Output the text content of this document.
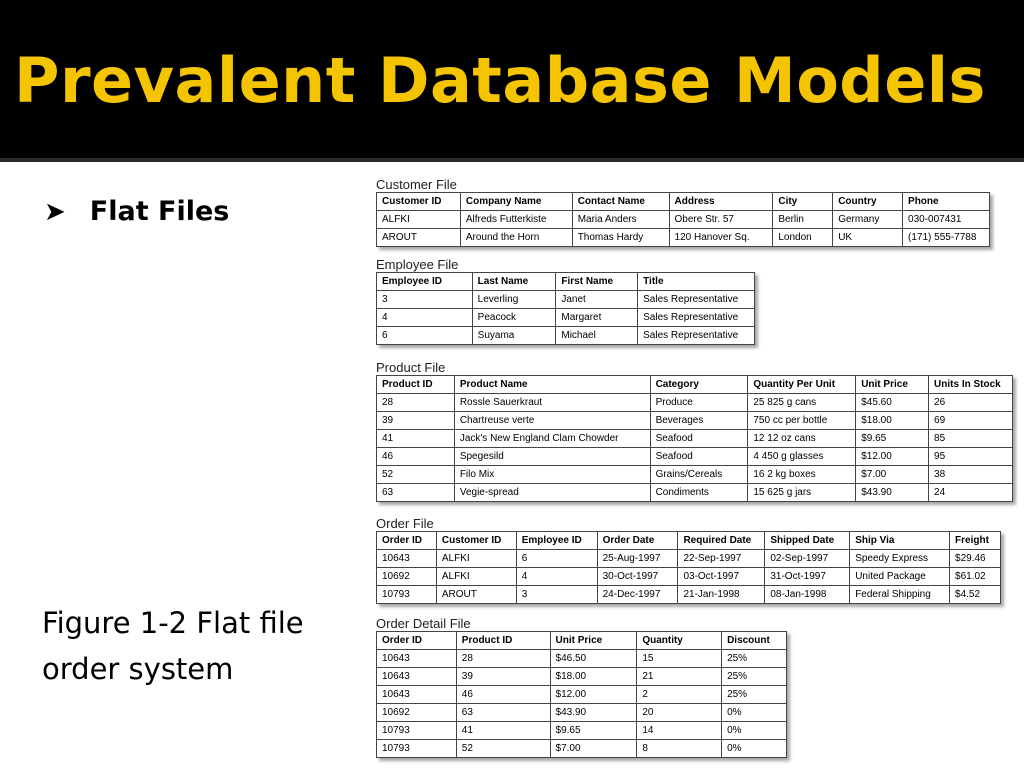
Prevalent Database Models
➤ Flat Files
Figure 1-2 Flat file
order system
Customer File
Customer ID	Company Name	Contact Name	Address	City	Country	Phone
ALFKI	Alfreds Futterkiste	Maria Anders	Obere Str. 57	Berlin	Germany	030-007431
AROUT	Around the Horn	Thomas Hardy	120 Hanover Sq.	London	UK	(171) 555-7788
Employee File
Employee ID	Last Name	First Name	Title
3	Leverling	Janet	Sales Representative
4	Peacock	Margaret	Sales Representative
6	Suyama	Michael	Sales Representative
Product File
Product ID	Product Name	Category	Quantity Per Unit	Unit Price	Units In Stock
28	Rossle Sauerkraut	Produce	25 825 g cans	$45.60	26
39	Chartreuse verte	Beverages	750 cc per bottle	$18.00	69
41	Jack's New England Clam Chowder	Seafood	12 12 oz cans	$9.65	85
46	Spegesild	Seafood	4 450 g glasses	$12.00	95
52	Filo Mix	Grains/Cereals	16 2 kg boxes	$7.00	38
63	Vegie-spread	Condiments	15 625 g jars	$43.90	24
Order File
Order ID	Customer ID	Employee ID	Order Date	Required Date	Shipped Date	Ship Via	Freight
10643	ALFKI	6	25-Aug-1997	22-Sep-1997	02-Sep-1997	Speedy Express	$29.46
10692	ALFKI	4	30-Oct-1997	03-Oct-1997	31-Oct-1997	United Package	$61.02
10793	AROUT	3	24-Dec-1997	21-Jan-1998	08-Jan-1998	Federal Shipping	$4.52
Order Detail File
Order ID	Product ID	Unit Price	Quantity	Discount
10643	28	$46.50	15	25%
10643	39	$18.00	21	25%
10643	46	$12.00	2	25%
10692	63	$43.90	20	0%
10793	41	$9.65	14	0%
10793	52	$7.00	8	0%
